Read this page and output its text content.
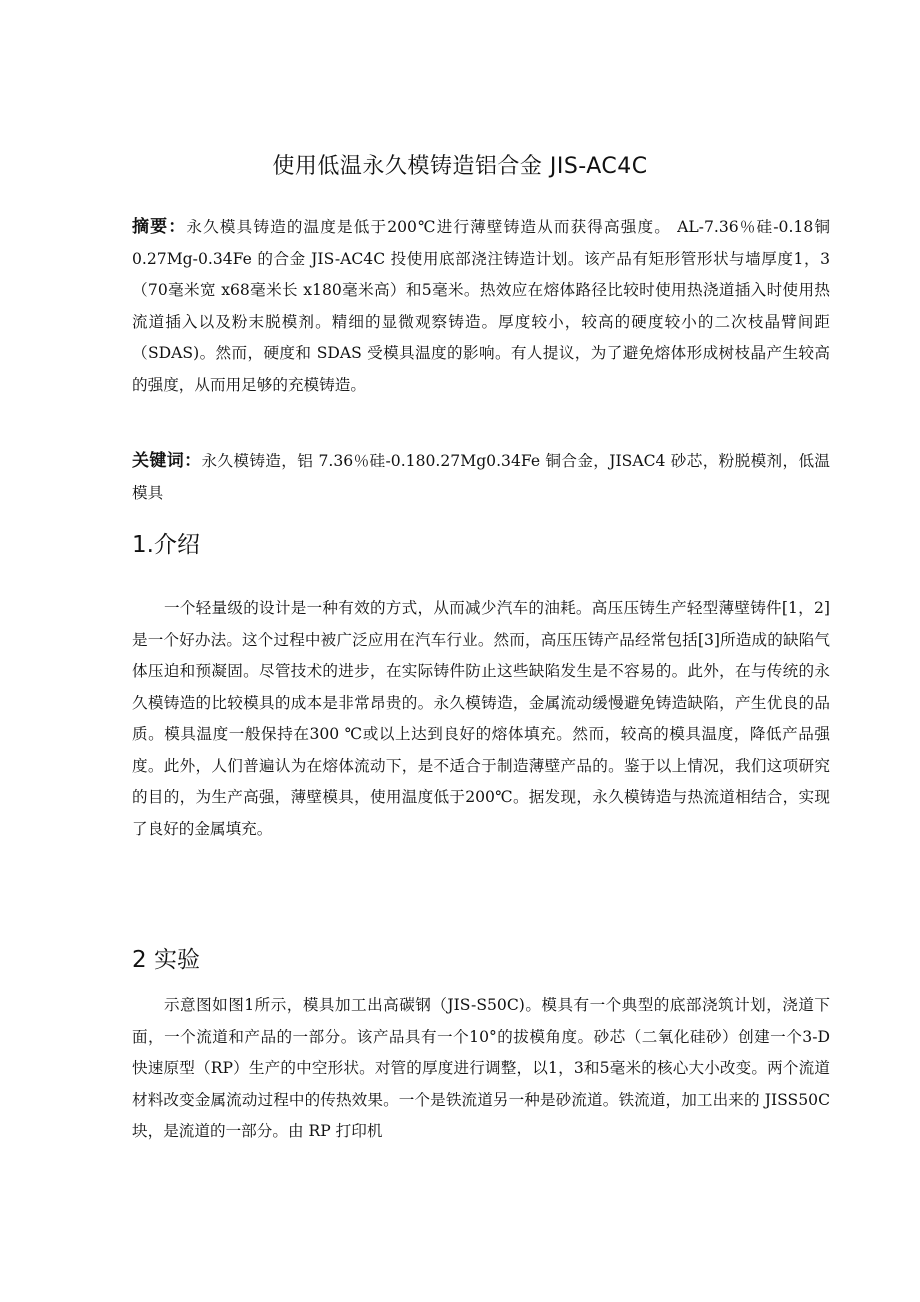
使用低温永久模铸造铝合金 JIS-AC4C
摘要：永久模具铸造的温度是低于200℃进行薄壁铸造从而获得高强度。 AL-7.36％硅-0.18铜0.27Mg-0.34Fe 的合金 JIS-AC4C 投使用底部浇注铸造计划。该产品有矩形管形状与墙厚度1，3（70毫米宽 x68毫米长 x180毫米高）和5毫米。热效应在熔体路径比较时使用热浇道插入时使用热流道插入以及粉末脱模剂。精细的显微观察铸造。厚度较小，较高的硬度较小的二次枝晶臂间距（SDAS)。然而，硬度和 SDAS 受模具温度的影响。有人提议，为了避免熔体形成树枝晶产生较高的强度，从而用足够的充模铸造。
关键词：永久模铸造，铝 7.36％硅-0.180.27Mg0.34Fe 铜合金，JISAC4 砂芯，粉脱模剂，低温模具
1.介绍
一个轻量级的设计是一种有效的方式，从而减少汽车的油耗。高压压铸生产轻型薄壁铸件[1，2]是一个好办法。这个过程中被广泛应用在汽车行业。然而，高压压铸产品经常包括[3]所造成的缺陷气体压迫和预凝固。尽管技术的进步，在实际铸件防止这些缺陷发生是不容易的。此外，在与传统的永久模铸造的比较模具的成本是非常昂贵的。永久模铸造，金属流动缓慢避免铸造缺陷，产生优良的品质。模具温度一般保持在300 ℃或以上达到良好的熔体填充。然而，较高的模具温度，降低产品强度。此外，人们普遍认为在熔体流动下，是不适合于制造薄壁产品的。鉴于以上情况，我们这项研究的目的，为生产高强，薄壁模具，使用温度低于200℃。据发现，永久模铸造与热流道相结合，实现了良好的金属填充。
2 实验
示意图如图1所示，模具加工出高碳钢（JIS-S50C)。模具有一个典型的底部浇筑计划，浇道下面，一个流道和产品的一部分。该产品具有一个10°的拔模角度。砂芯（二氧化硅砂）创建一个3-D 快速原型（RP）生产的中空形状。对管的厚度进行调整，以1，3和5毫米的核心大小改变。两个流道材料改变金属流动过程中的传热效果。一个是铁流道另一种是砂流道。铁流道，加工出来的 JISS50C 块，是流道的一部分。由 RP 打印机
